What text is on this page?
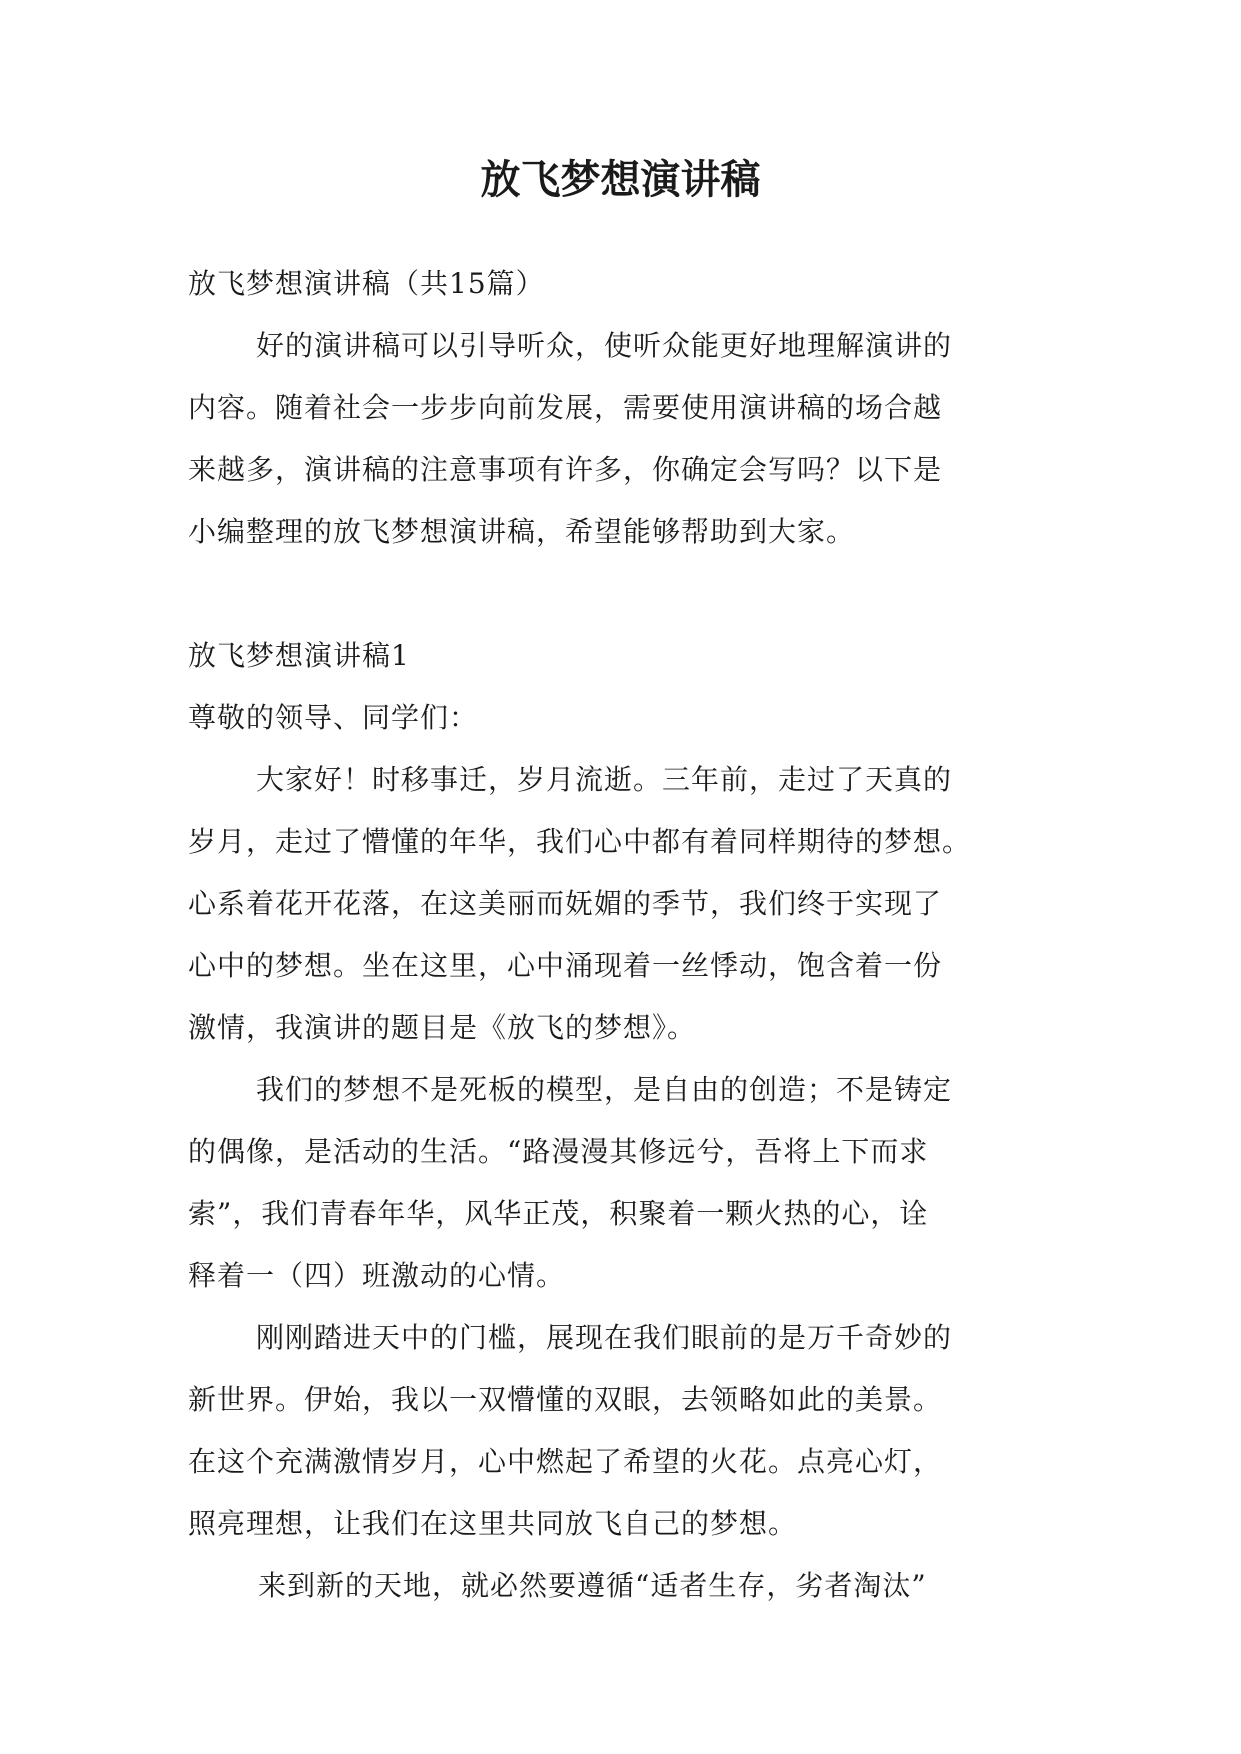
放飞梦想演讲稿

放飞梦想演讲稿（共15篇）

好的演讲稿可以引导听众，使听众能更好地理解演讲的

内容。随着社会一步步向前发展，需要使用演讲稿的场合越

来越多，演讲稿的注意事项有许多，你确定会写吗？以下是

小编整理的放飞梦想演讲稿，希望能够帮助到大家。

放飞梦想演讲稿1

尊敬的领导、同学们：

大家好！时移事迁，岁月流逝。三年前，走过了天真的

岁月，走过了懵懂的年华，我们心中都有着同样期待的梦想。

心系着花开花落，在这美丽而妩媚的季节，我们终于实现了

心中的梦想。坐在这里，心中涌现着一丝悸动，饱含着一份

激情，我演讲的题目是《放飞的梦想》。

我们的梦想不是死板的模型，是自由的创造；不是铸定

的偶像，是活动的生活。“路漫漫其修远兮，吾将上下而求

索”，我们青春年华，风华正茂，积聚着一颗火热的心，诠

释着一（四）班激动的心情。

刚刚踏进天中的门槛，展现在我们眼前的是万千奇妙的

新世界。伊始，我以一双懵懂的双眼，去领略如此的美景。

在这个充满激情岁月，心中燃起了希望的火花。点亮心灯，

照亮理想，让我们在这里共同放飞自己的梦想。

来到新的天地，就必然要遵循“适者生存，劣者淘汰”
